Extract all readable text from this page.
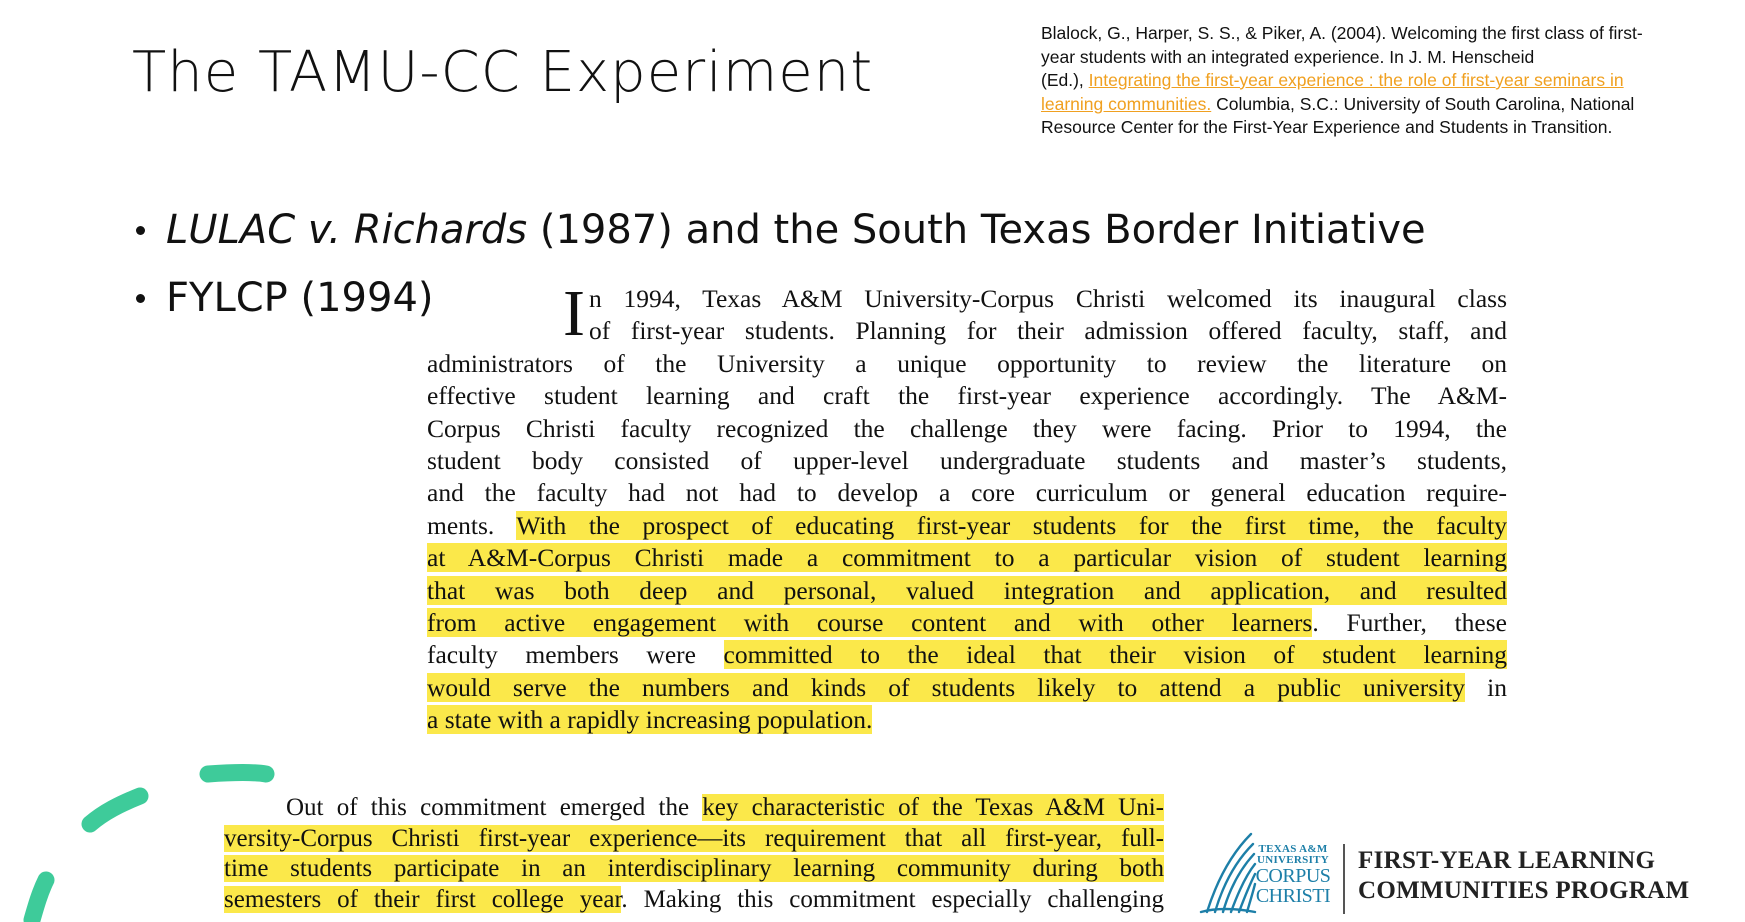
The TAMU-CC Experiment
Blalock, G., Harper, S. S., & Piker, A. (2004). Welcoming the first class of first-
year students with an integrated experience. In J. M. Henscheid
(Ed.), Integrating the first-year experience : the role of first-year seminars in
learning communities. Columbia, S.C.: University of South Carolina, National
Resource Center for the First-Year Experience and Students in Transition.
LULAC v. Richards (1987) and the South Texas Border Initiative
FYLCP (1994)	I n 1994, Texas A&M University-Corpus Christi welcomed its inaugural class
of first-year students. Planning for their admission offered faculty, staff, and
administrators of the University a unique opportunity to review the literature on
effective student learning and craft the first-year experience accordingly. The A&M-
Corpus Christi faculty recognized the challenge they were facing. Prior to 1994, the
student body consisted of upper-level undergraduate students and master’s students,
and the faculty had not had to develop a core curriculum or general education require-
ments. With the prospect of educating first-year students for the first time, the faculty
at A&M-Corpus Christi made a commitment to a particular vision of student learning
that was both deep and personal, valued integration and application, and resulted
from active engagement with course content and with other learners. Further, these
faculty members were committed to the ideal that their vision of student learning
would serve the numbers and kinds of students likely to attend a public university in
a state with a rapidly increasing population.
Out of this commitment emerged the key characteristic of the Texas A&M Uni-
versity-Corpus Christi first-year experience—its requirement that all first-year, full-
time students participate in an interdisciplinary learning community during both
semesters of their first college year. Making this commitment especially challenging
TEXAS A&M
UNIVERSITY
CORPUS
CHRISTI
FIRST-YEAR LEARNING
COMMUNITIES PROGRAM
